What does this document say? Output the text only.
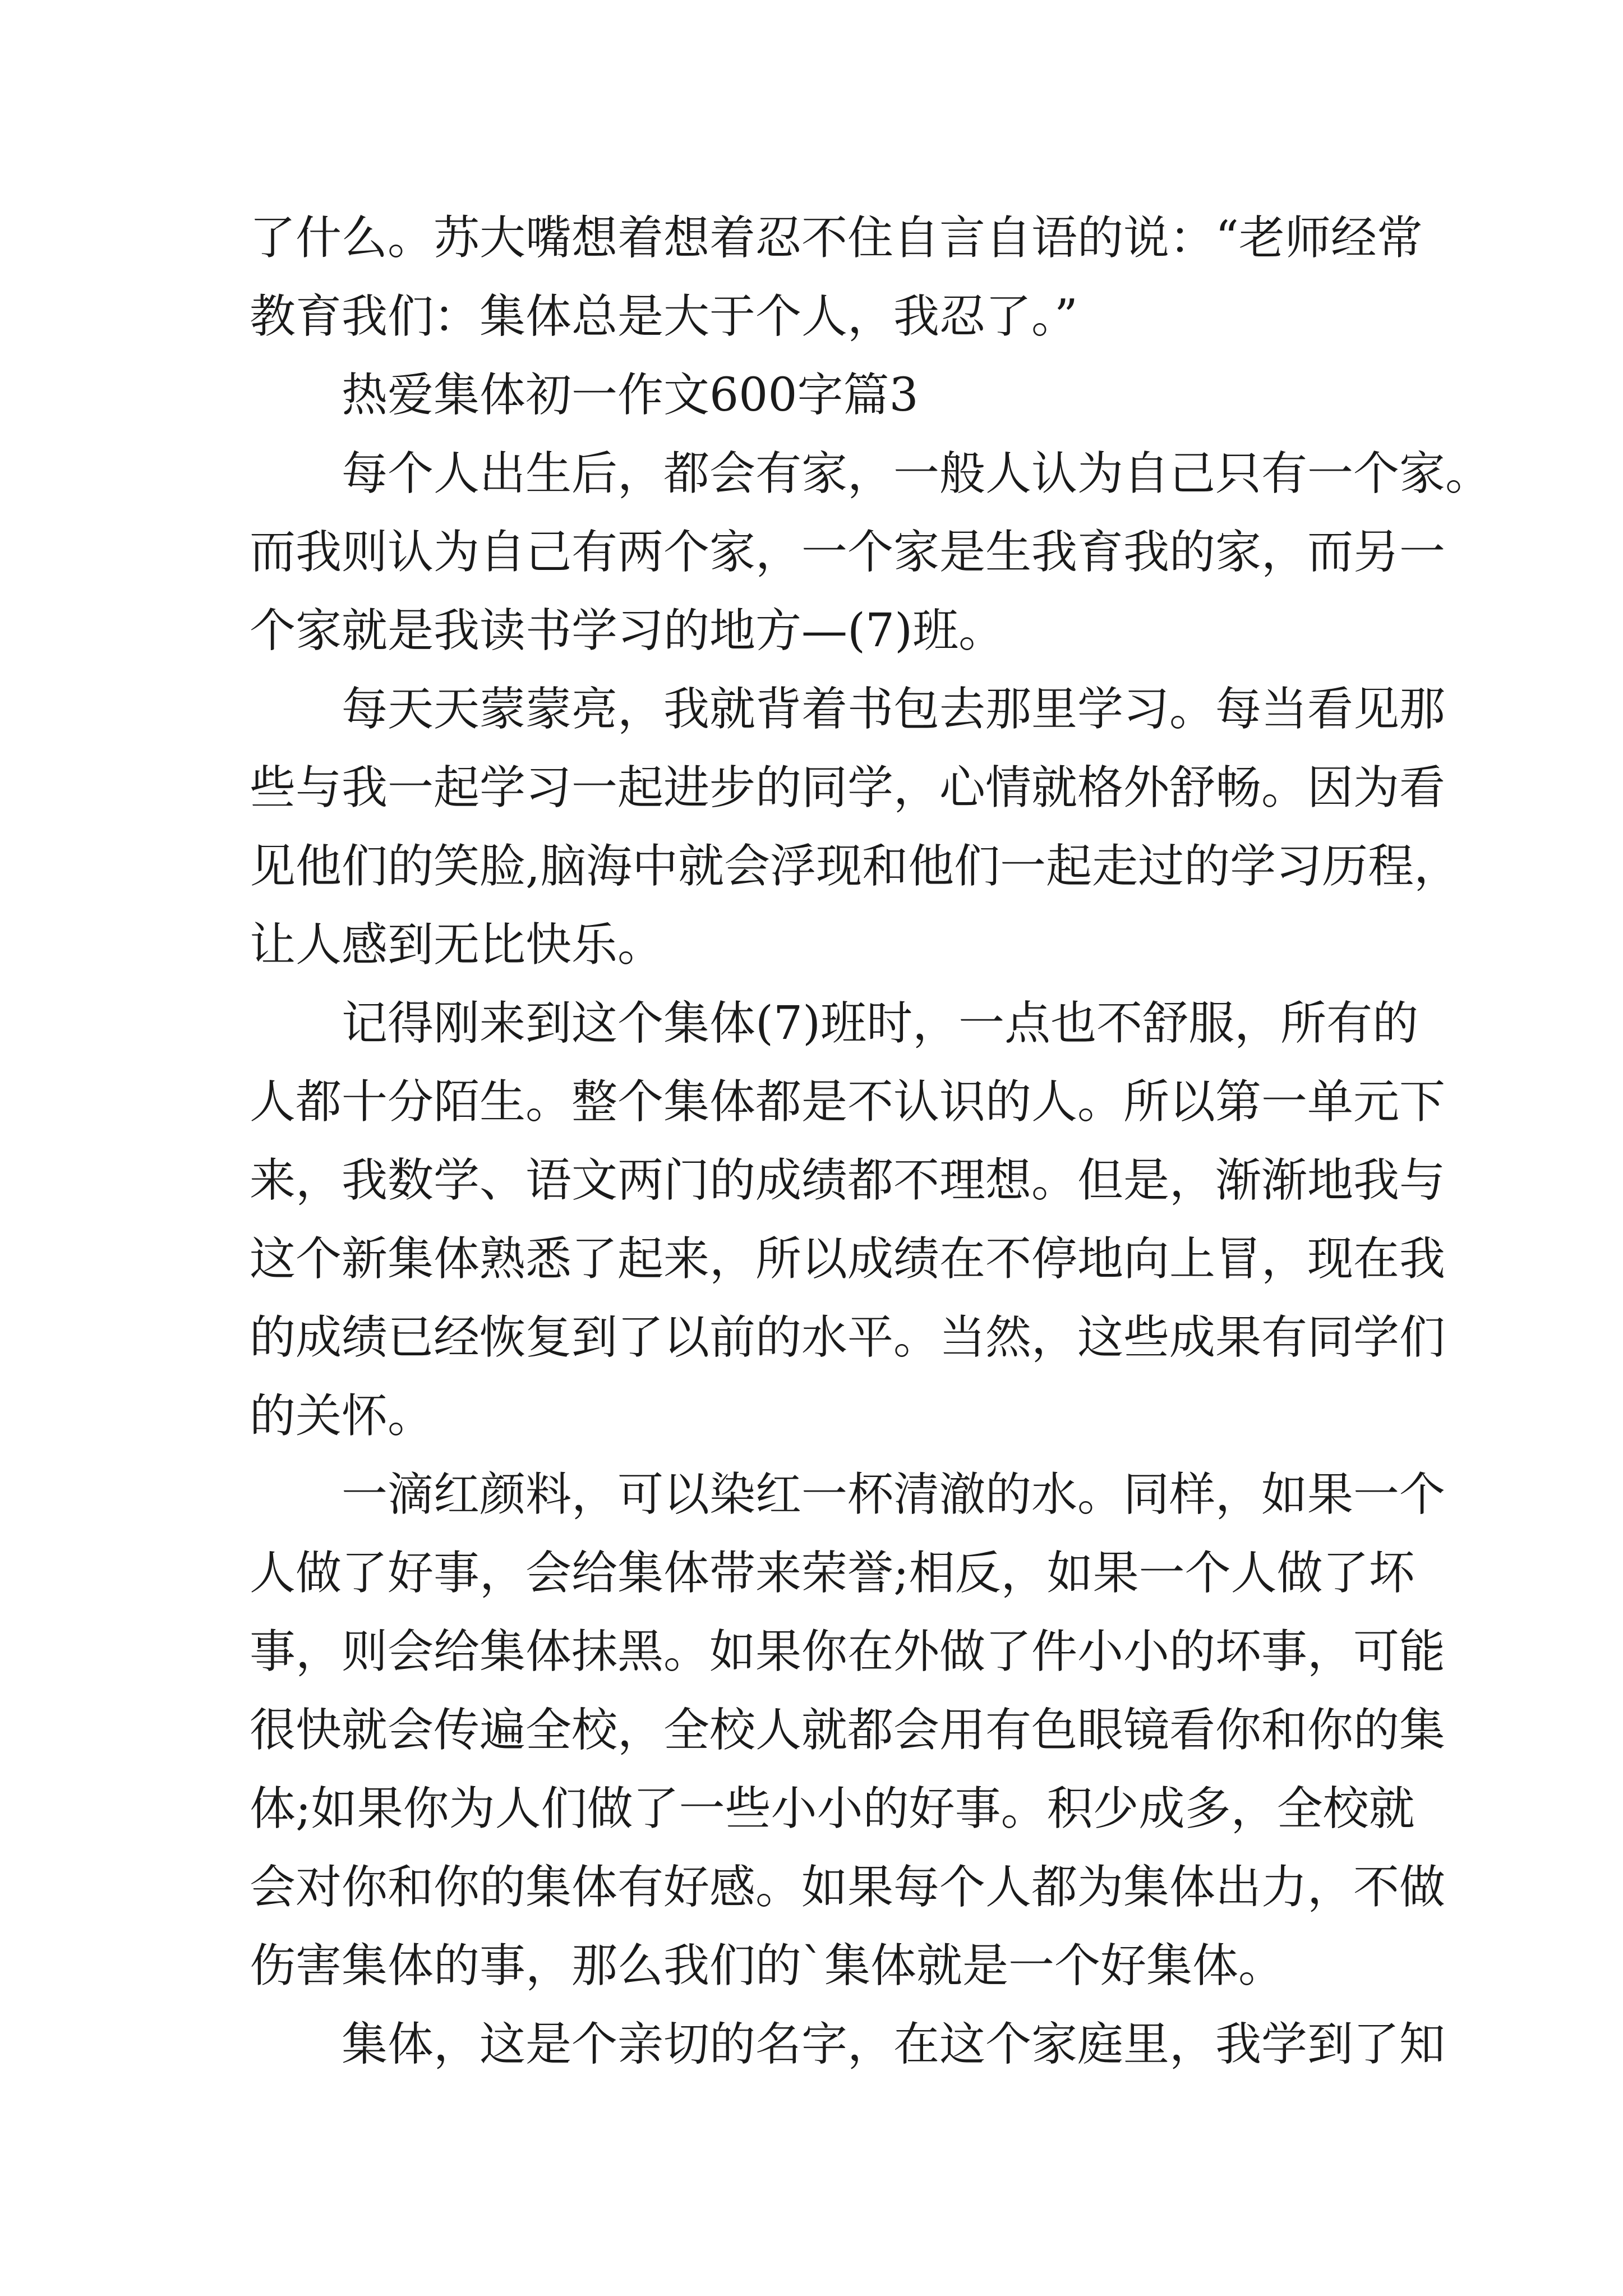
了什么。苏大嘴想着想着忍不住自言自语的说：“老师经常
教育我们：集体总是大于个人，我忍了。”
热爱集体初一作文600字篇3
每个人出生后，都会有家，一般人认为自己只有一个家。
而我则认为自己有两个家，一个家是生我育我的家，而另一
个家就是我读书学习的地方—(7)班。
每天天蒙蒙亮，我就背着书包去那里学习。每当看见那
些与我一起学习一起进步的同学，心情就格外舒畅。因为看
见他们的笑脸,脑海中就会浮现和他们一起走过的学习历程，
让人感到无比快乐。
记得刚来到这个集体(7)班时，一点也不舒服，所有的
人都十分陌生。整个集体都是不认识的人。所以第一单元下
来，我数学、语文两门的成绩都不理想。但是，渐渐地我与
这个新集体熟悉了起来，所以成绩在不停地向上冒，现在我
的成绩已经恢复到了以前的水平。当然，这些成果有同学们
的关怀。
一滴红颜料，可以染红一杯清澈的水。同样，如果一个
人做了好事，会给集体带来荣誉;相反，如果一个人做了坏
事，则会给集体抹黑。如果你在外做了件小小的坏事，可能
很快就会传遍全校，全校人就都会用有色眼镜看你和你的集
体;如果你为人们做了一些小小的好事。积少成多，全校就
会对你和你的集体有好感。如果每个人都为集体出力，不做
伤害集体的事，那么我们的`集体就是一个好集体。
集体，这是个亲切的名字，在这个家庭里，我学到了知
